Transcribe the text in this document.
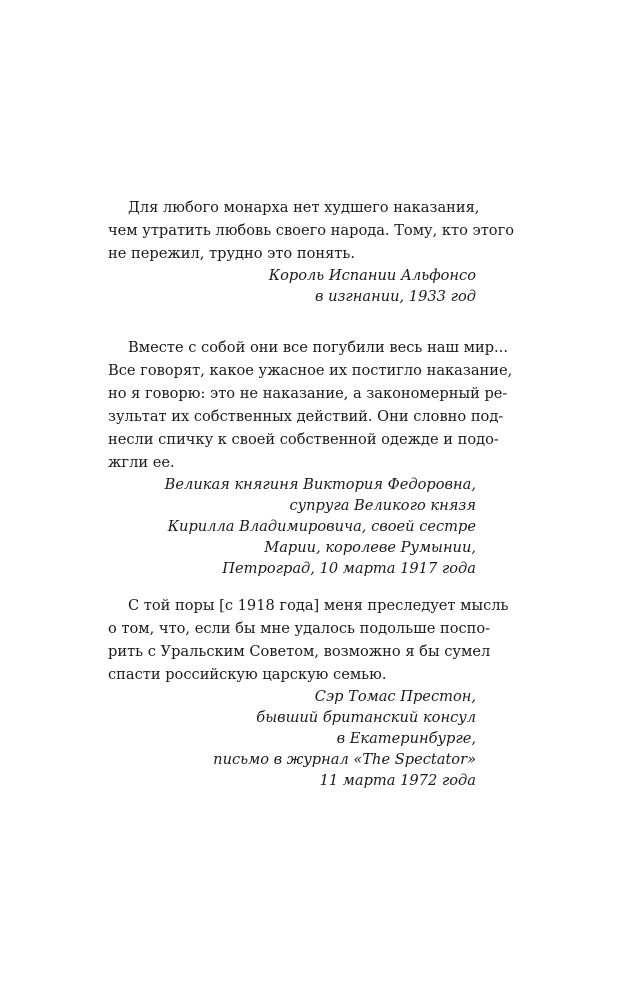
Для любого монарха нет худшего наказания,
чем утратить любовь своего народа. Тому, кто этого
не пережил, трудно это понять.
Король Испании Альфонсо
в изгнании, 1933 год
Вместе с собой они все погубили весь наш мир...
Все говорят, какое ужасное их постигло наказание,
но я говорю: это не наказание, а закономерный ре-
зультат их собственных действий. Они словно под-
несли спичку к своей собственной одежде и подо-
жгли ее.
Великая княгиня Виктория Федоровна,
супруга Великого князя
Кирилла Владимировича, своей сестре
Марии, королеве Румынии,
Петроград, 10 марта 1917 года
С той поры [с 1918 года] меня преследует мысль
о том, что, если бы мне удалось подольше поспо-
рить с Уральским Советом, возможно я бы сумел
спасти российскую царскую семью.
Сэр Томас Престон,
бывший британский консул
в Екатеринбурге,
письмо в журнал «The Spectator»
11 марта 1972 года
